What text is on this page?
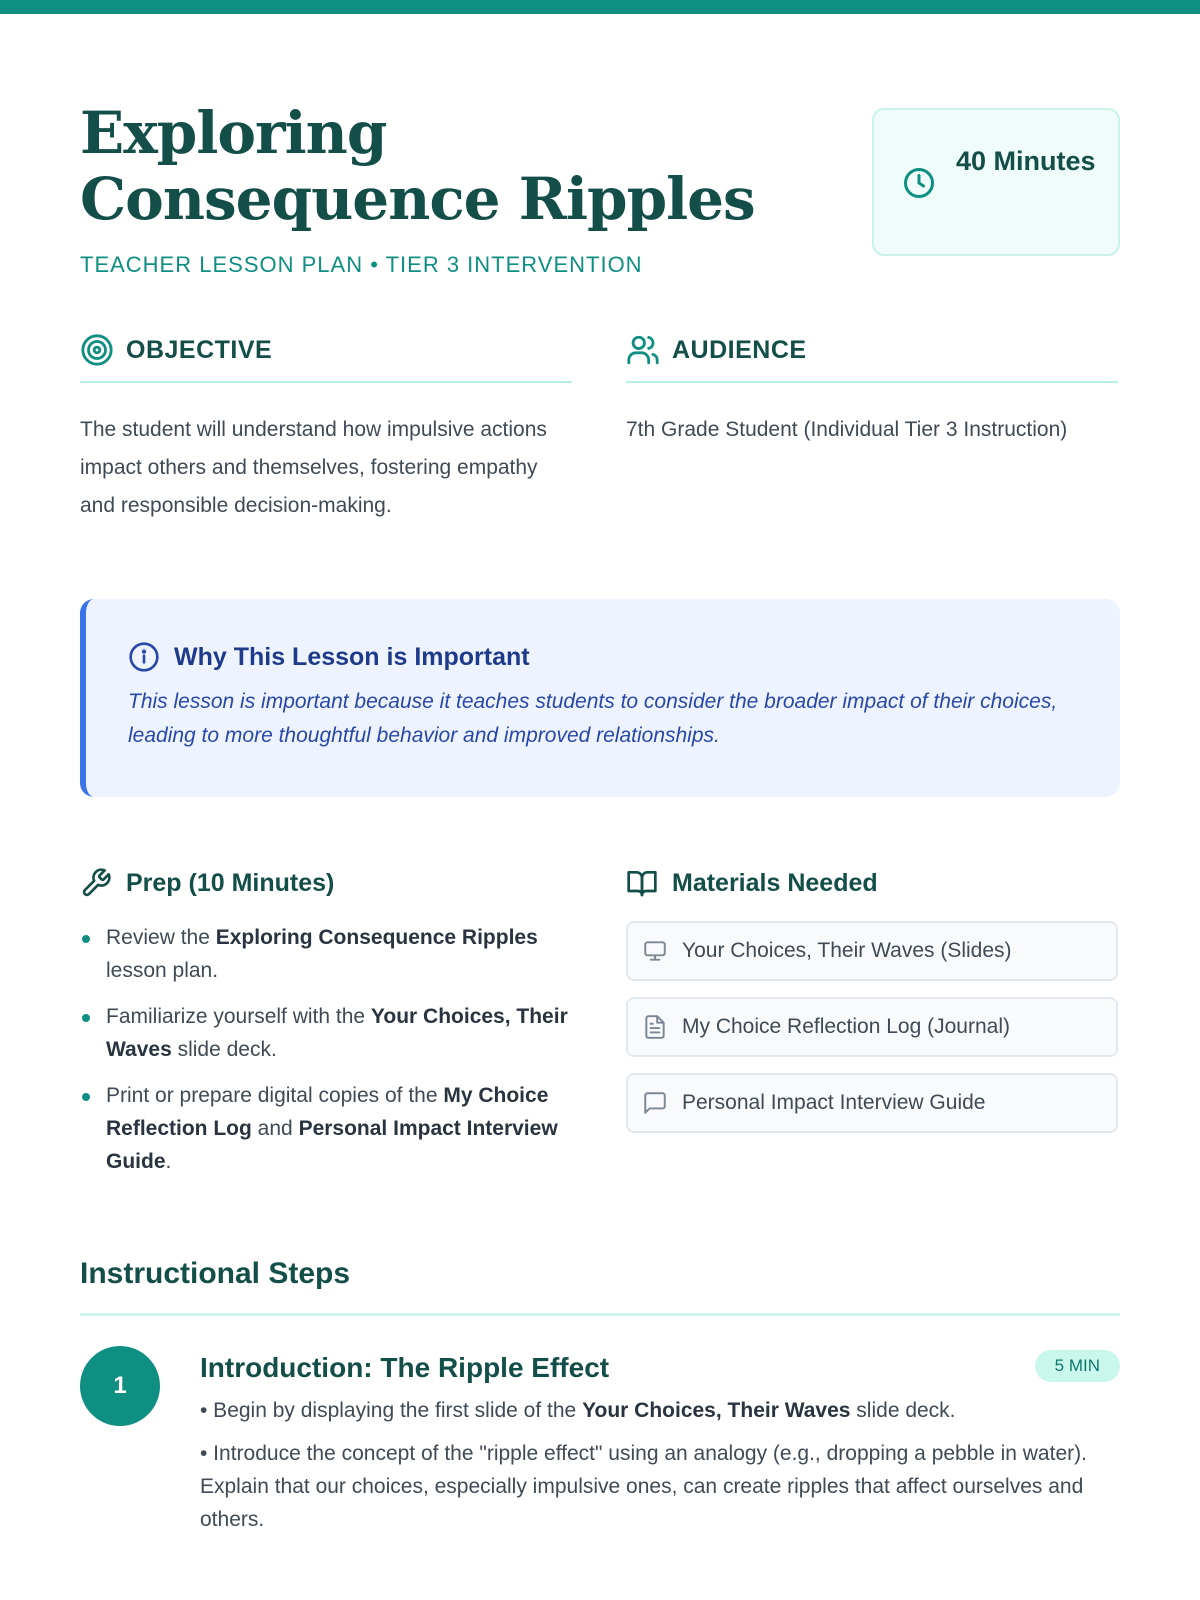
Exploring Consequence Ripples
TEACHER LESSON PLAN • TIER 3 INTERVENTION
40 Minutes
OBJECTIVE
The student will understand how impulsive actions impact others and themselves, fostering empathy and responsible decision-making.
AUDIENCE
7th Grade Student (Individual Tier 3 Instruction)
Why This Lesson is Important

This lesson is important because it teaches students to consider the broader impact of their choices, leading to more thoughtful behavior and improved relationships.

Prep (10 Minutes)
Review the Exploring Consequence Ripples lesson plan.
Familiarize yourself with the Your Choices, Their Waves slide deck.
Print or prepare digital copies of the My Choice Reflection Log and Personal Impact Interview Guide.
Materials Needed
Your Choices, Their Waves (Slides)
My Choice Reflection Log (Journal)
Personal Impact Interview Guide
Instructional Steps
1
Introduction: The Ripple Effect	5 MIN
• Begin by displaying the first slide of the Your Choices, Their Waves slide deck.
• Introduce the concept of the "ripple effect" using an analogy (e.g., dropping a pebble in water). Explain that our choices, especially impulsive ones, can create ripples that affect ourselves and others.
